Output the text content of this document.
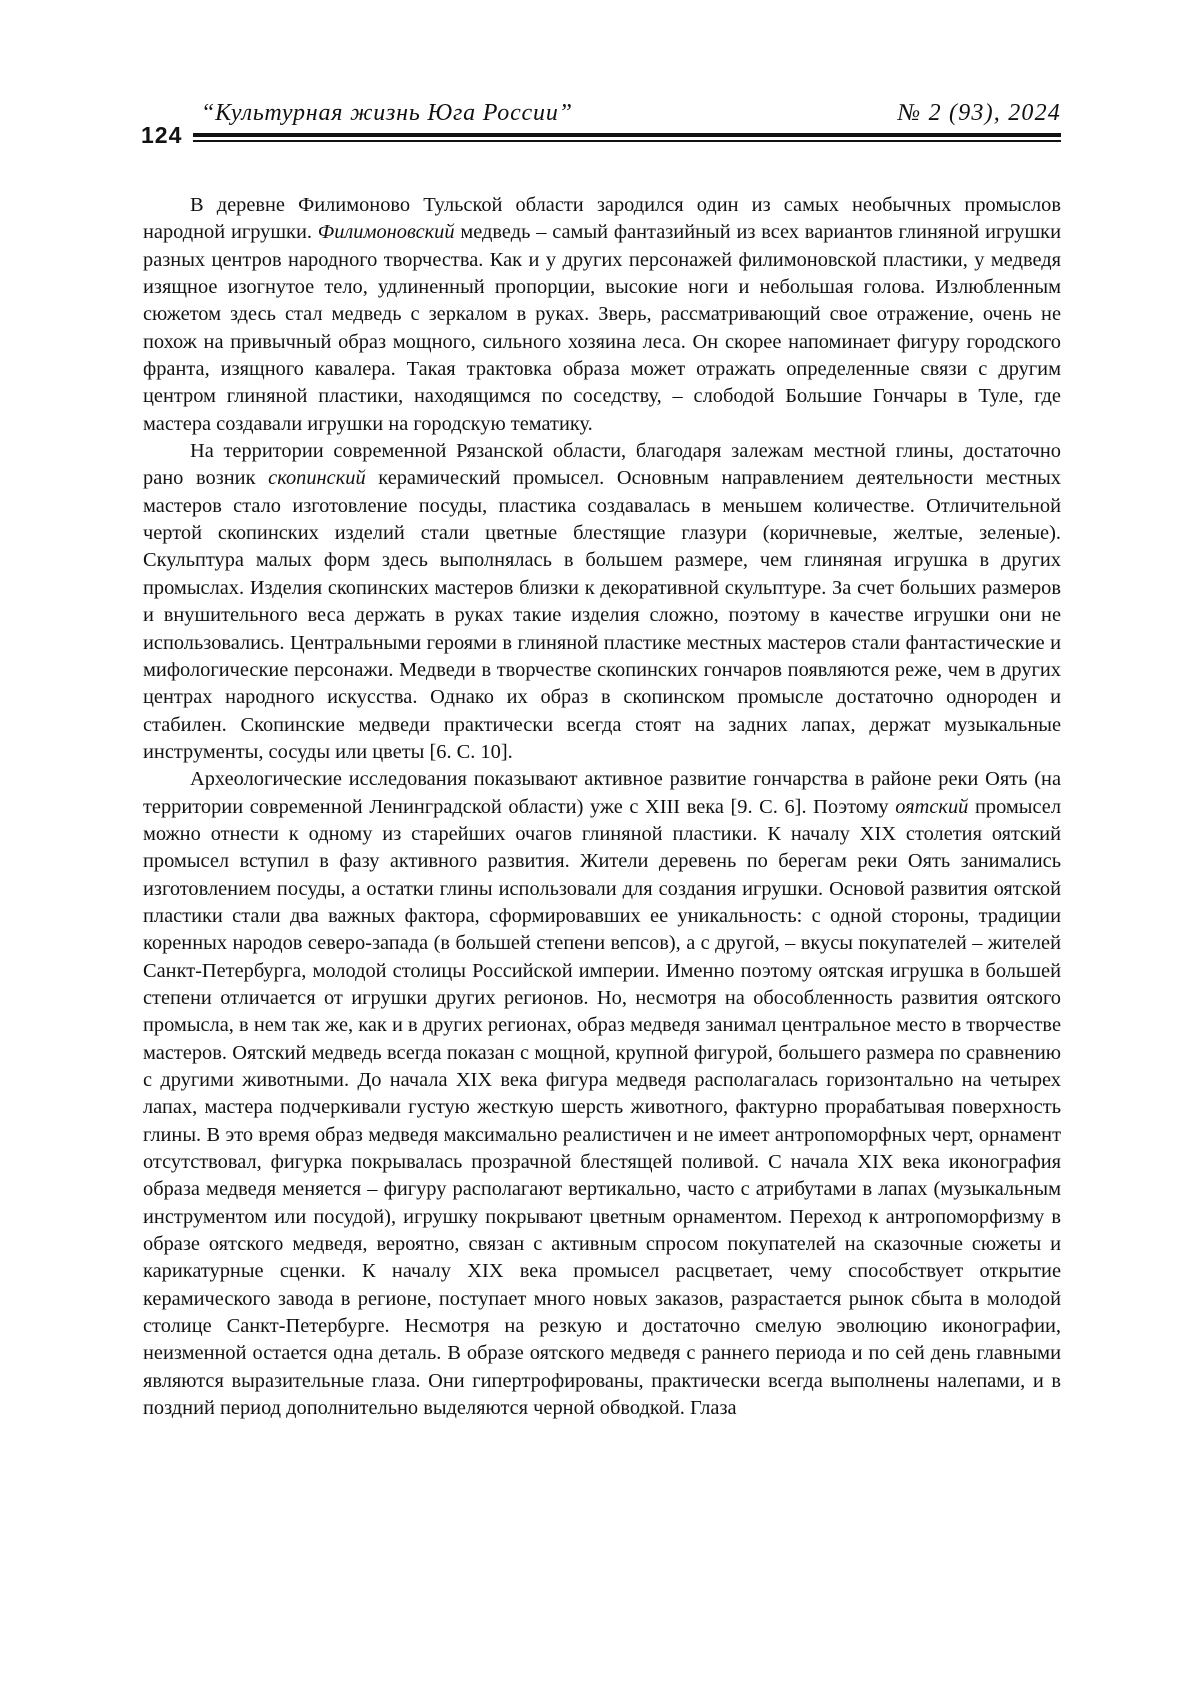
124
“Культурная жизнь Юга России”	№ 2 (93), 2024

В деревне Филимоново Тульской области зародился один из самых необычных промыслов народной игрушки. Филимоновский медведь – самый фантазийный из всех вариантов глиняной игрушки разных центров народного творчества. Как и у других персонажей филимоновской пластики, у медведя изящное изогнутое тело, удлиненный пропорции, высокие ноги и небольшая голова. Излюбленным сюжетом здесь стал медведь с зеркалом в руках. Зверь, рассматривающий свое отражение, очень не похож на привычный образ мощного, сильного хозяина леса. Он скорее напоминает фигуру городского франта, изящного кавалера. Такая трактовка образа может отражать определенные связи с другим центром глиняной пластики, находящимся по соседству, – слободой Большие Гончары в Туле, где мастера создавали игрушки на городскую тематику.

На территории современной Рязанской области, благодаря залежам местной глины, достаточно рано возник скопинский керамический промысел. Основным направлением деятельности местных мастеров стало изготовление посуды, пластика создавалась в меньшем количестве. Отличительной чертой скопинских изделий стали цветные блестящие глазури (коричневые, желтые, зеленые). Скульптура малых форм здесь выполнялась в большем размере, чем глиняная игрушка в других промыслах. Изделия скопинских мастеров близки к декоративной скульптуре. За счет больших размеров и внушительного веса держать в руках такие изделия сложно, поэтому в качестве игрушки они не использовались. Центральными героями в глиняной пластике местных мастеров стали фантастические и мифологические персонажи. Медведи в творчестве скопинских гончаров появляются реже, чем в других центрах народного искусства. Однако их образ в скопинском промысле достаточно однороден и стабилен. Скопинские медведи практически всегда стоят на задних лапах, держат музыкальные инструменты, сосуды или цветы [6. С. 10].

Археологические исследования показывают активное развитие гончарства в районе реки Оять (на территории современной Ленинградской области) уже с XIII века [9. С. 6]. Поэтому оятский промысел можно отнести к одному из старейших очагов глиняной пластики. К началу XIX столетия оятский промысел вступил в фазу активного развития. Жители деревень по берегам реки Оять занимались изготовлением посуды, а остатки глины использовали для создания игрушки. Основой развития оятской пластики стали два важных фактора, сформировавших ее уникальность: с одной стороны, традиции коренных народов северо-запада (в большей степени вепсов), а с другой, – вкусы покупателей – жителей Санкт-Петербурга, молодой столицы Российской империи. Именно поэтому оятская игрушка в большей степени отличается от игрушки других регионов. Но, несмотря на обособленность развития оятского промысла, в нем так же, как и в других регионах, образ медведя занимал центральное место в творчестве мастеров. Оятский медведь всегда показан с мощной, крупной фигурой, большего размера по сравнению с другими животными. До начала XIX века фигура медведя располагалась горизонтально на четырех лапах, мастера подчеркивали густую жесткую шерсть животного, фактурно прорабатывая поверхность глины. В это время образ медведя максимально реалистичен и не имеет антропоморфных черт, орнамент отсутствовал, фигурка покрывалась прозрачной блестящей поливой. С начала XIX века иконография образа медведя меняется – фигуру располагают вертикально, часто с атрибутами в лапах (музыкальным инструментом или посудой), игрушку покрывают цветным орнаментом. Переход к антропоморфизму в образе оятского медведя, вероятно, связан с активным спросом покупателей на сказочные сюжеты и карикатурные сценки. К началу XIX века промысел расцветает, чему способствует открытие керамического завода в регионе, поступает много новых заказов, разрастается рынок сбыта в молодой столице Санкт-Петербурге. Несмотря на резкую и достаточно смелую эволюцию иконографии, неизменной остается одна деталь. В образе оятского медведя с раннего периода и по сей день главными являются выразительные глаза. Они гипертрофированы, практически всегда выполнены налепами, и в поздний период дополнительно выделяются черной обводкой. Глаза
